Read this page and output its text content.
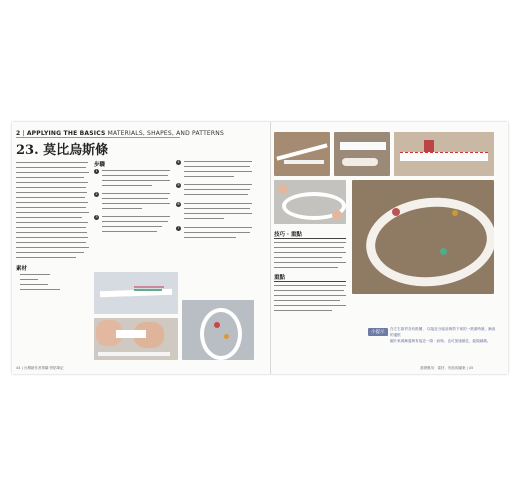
2 | APPLYING THE BASICS MATERIALS, SHAPES, AND PATTERNS
23. 莫比烏斯條
素材
步驟
1
2
3
4
5
6
7
44 | 台灣創作者專屬·拼貼筆記
技巧 · 重點
重點
小提示
在左右兩頁各有紙圈、 以接近分區前與剪下來的一紙面時最，漸淡的邊框
圖片來源漸邊與有接近一紙 · 而與，也可加速最近，能做細緻。
基礎應用：素材、形狀和圖案 | 45
